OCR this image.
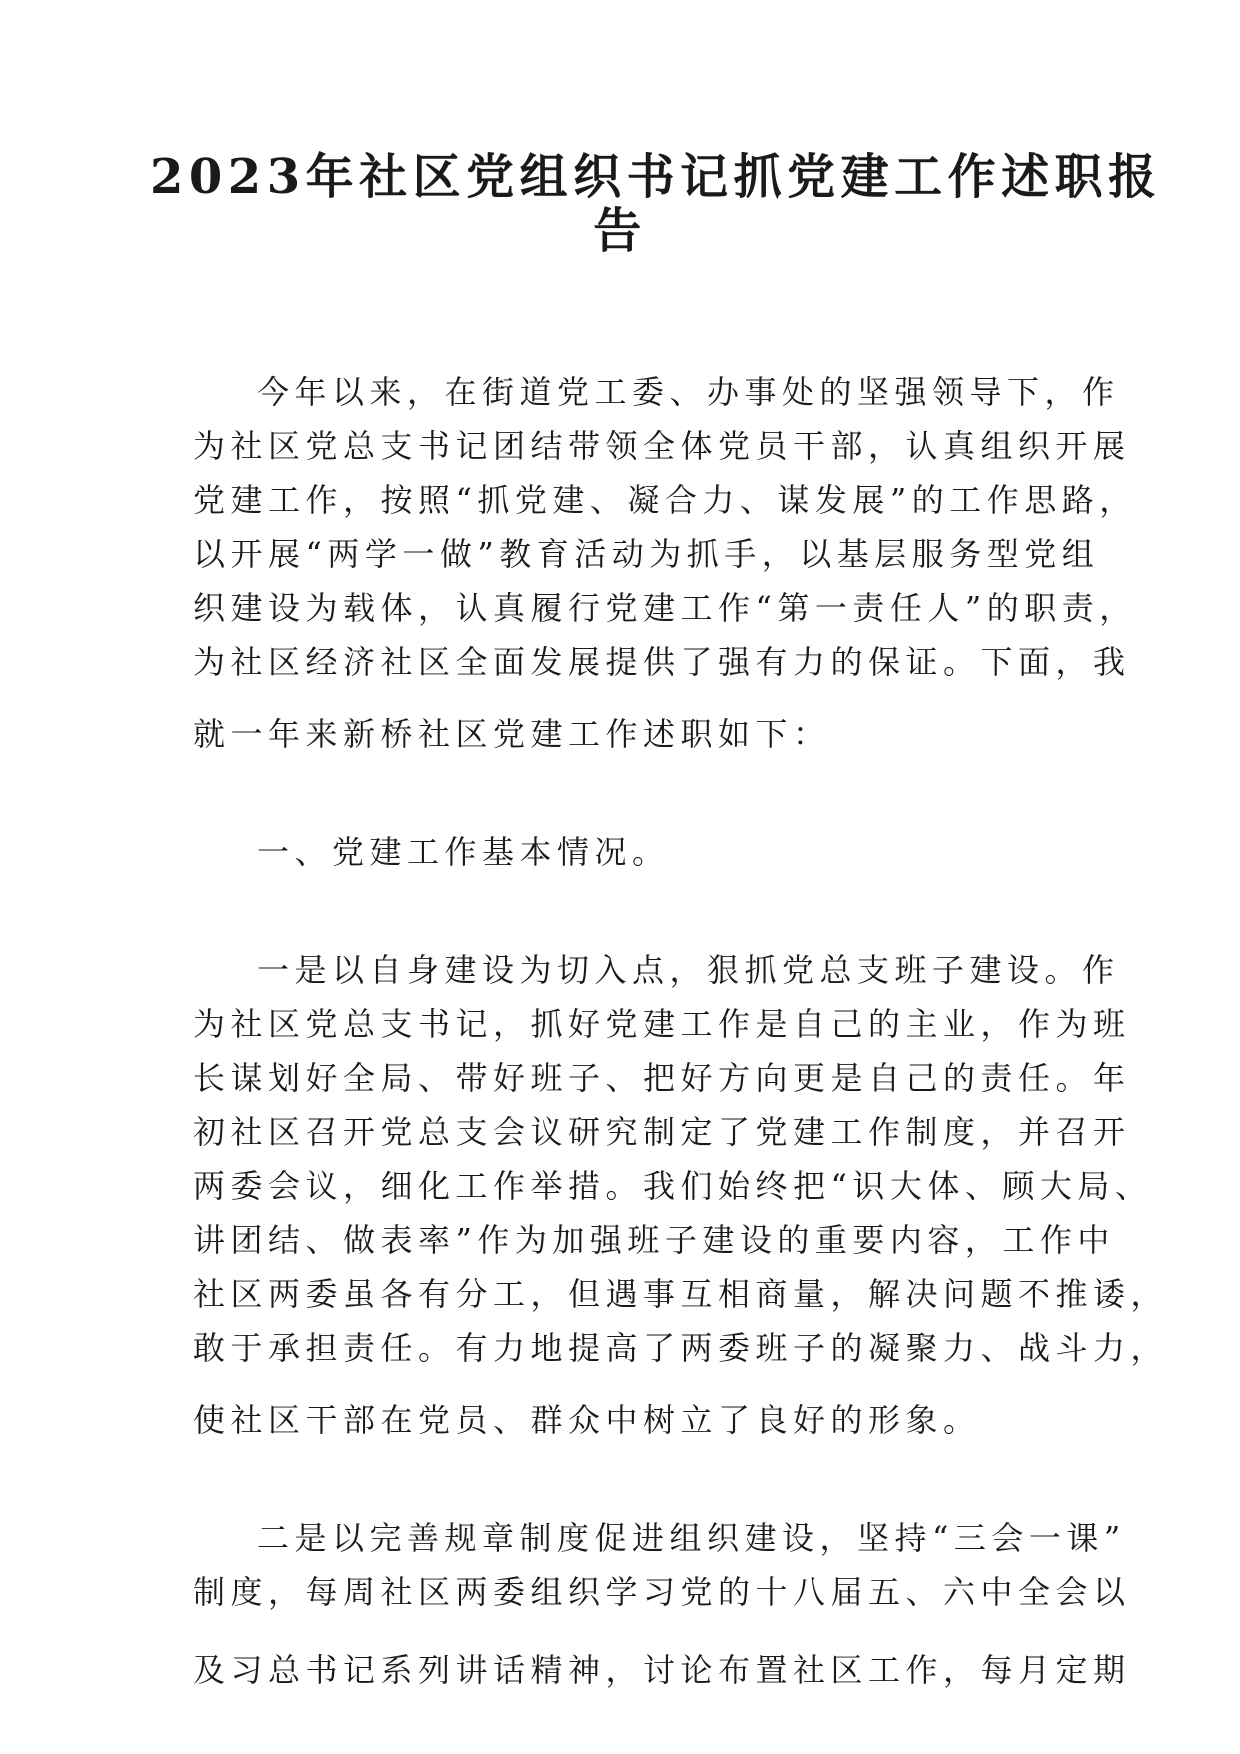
2023年社区党组织书记抓党建工作述职报
告
今年以来，在街道党工委、办事处的坚强领导下，作
为社区党总支书记团结带领全体党员干部，认真组织开展
党建工作，按照“抓党建、凝合力、谋发展”的工作思路，
以开展“两学一做”教育活动为抓手，以基层服务型党组
织建设为载体，认真履行党建工作“第一责任人”的职责，
为社区经济社区全面发展提供了强有力的保证。下面，我
就一年来新桥社区党建工作述职如下：
一、党建工作基本情况。
一是以自身建设为切入点，狠抓党总支班子建设。作
为社区党总支书记，抓好党建工作是自己的主业，作为班
长谋划好全局、带好班子、把好方向更是自己的责任。年
初社区召开党总支会议研究制定了党建工作制度，并召开
两委会议，细化工作举措。我们始终把“识大体、顾大局、
讲团结、做表率”作为加强班子建设的重要内容，工作中
社区两委虽各有分工，但遇事互相商量，解决问题不推诿，
敢于承担责任。有力地提高了两委班子的凝聚力、战斗力，
使社区干部在党员、群众中树立了良好的形象。
二是以完善规章制度促进组织建设，坚持“三会一课”
制度，每周社区两委组织学习党的十八届五、六中全会以
及习总书记系列讲话精神，讨论布置社区工作，每月定期
